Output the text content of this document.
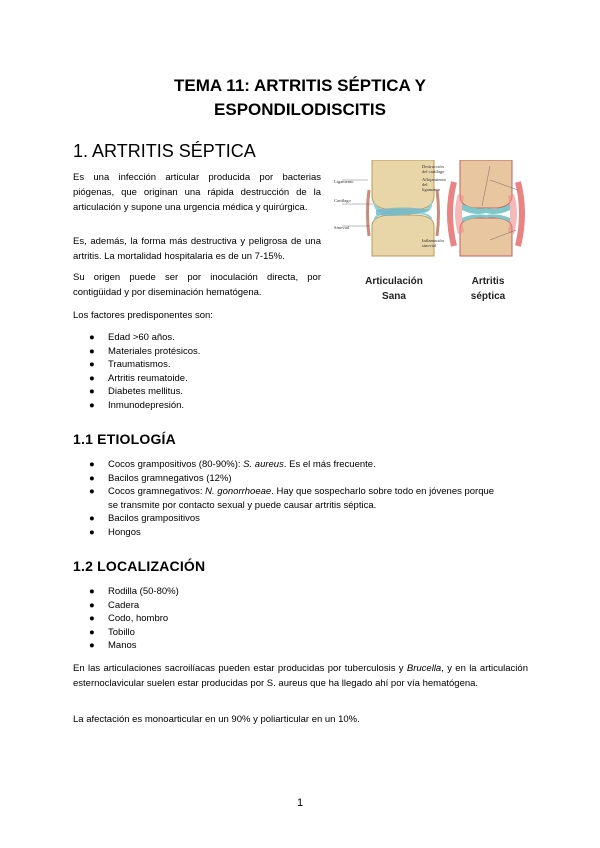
TEMA 11: ARTRITIS SÉPTICA Y
ESPONDILODISCITIS
1. ARTRITIS SÉPTICA

Es una infección articular producida por bacterias piógenas, que originan una rápida destrucción de la articulación y supone una urgencia médica y quirúrgica.

Es, además, la forma más destructiva y peligrosa de una artritis. La mortalidad hospitalaria es de un 7-15%.

Su origen puede ser por inoculación directa, por contigüidad y por diseminación hematógena.

Los factores predisponentes son:

● Edad >60 años.
● Materiales protésicos.
● Traumatismos.
● Artritis reumatoide.
● Diabetes mellitus.
● Inmunodepresión.
Ligamento
Cartílago
Sinovial
Destrucción
del cartílago
Aflojamiento
del
ligamento
Inflamación
sinovial
Articulación
Sana
Artritis
séptica
1.1 ETIOLOGÍA
● Cocos grampositivos (80-90%): S. aureus. Es el más frecuente.
● Bacilos gramnegativos (12%)
● Cocos gramnegativos: N. gonorrhoeae. Hay que sospecharlo sobre todo en jóvenes porque
se transmite por contacto sexual y puede causar artritis séptica.
● Bacilos grampositivos
● Hongos
1.2 LOCALIZACIÓN
● Rodilla (50-80%)
● Cadera
● Codo, hombro
● Tobillo
● Manos

En las articulaciones sacroilíacas pueden estar producidas por tuberculosis y Brucella, y en la articulación esternoclavicular suelen estar producidas por S. aureus que ha llegado ahí por vía hematógena.

La afectación es monoarticular en un 90% y poliarticular en un 10%.

1
